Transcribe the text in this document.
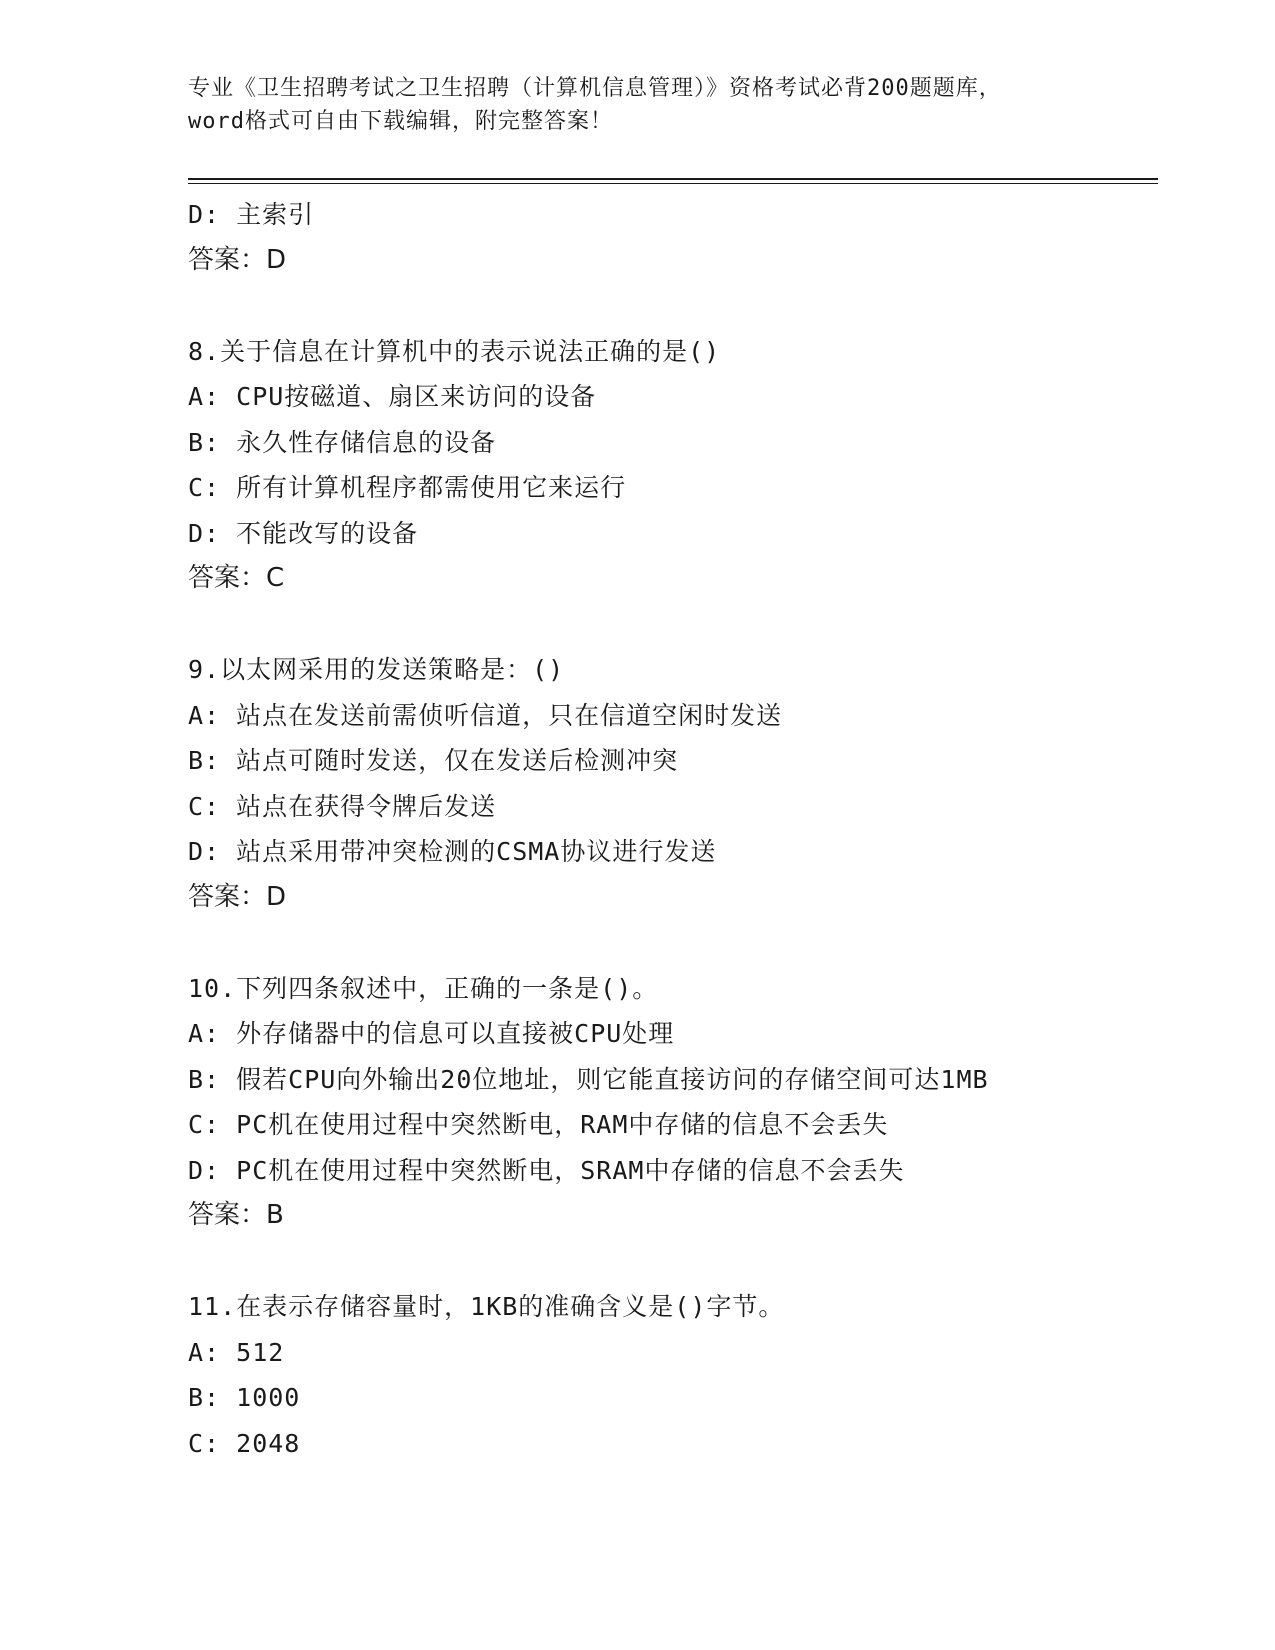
专业《卫生招聘考试之卫生招聘（计算机信息管理）》资格考试必背200题题库，
word格式可自由下载编辑，附完整答案！
D: 主索引
答案：D
8.关于信息在计算机中的表示说法正确的是()
A: CPU按磁道、扇区来访问的设备
B: 永久性存储信息的设备
C: 所有计算机程序都需使用它来运行
D: 不能改写的设备
答案：C
9.以太网采用的发送策略是：()
A: 站点在发送前需侦听信道，只在信道空闲时发送
B: 站点可随时发送，仅在发送后检测冲突
C: 站点在获得令牌后发送
D: 站点采用带冲突检测的CSMA协议进行发送
答案：D
10.下列四条叙述中，正确的一条是()。
A: 外存储器中的信息可以直接被CPU处理
B: 假若CPU向外输出20位地址，则它能直接访问的存储空间可达1MB
C: PC机在使用过程中突然断电，RAM中存储的信息不会丢失
D: PC机在使用过程中突然断电，SRAM中存储的信息不会丢失
答案：B
11.在表示存储容量时，1KB的准确含义是()字节。
A: 512
B: 1000
C: 2048
